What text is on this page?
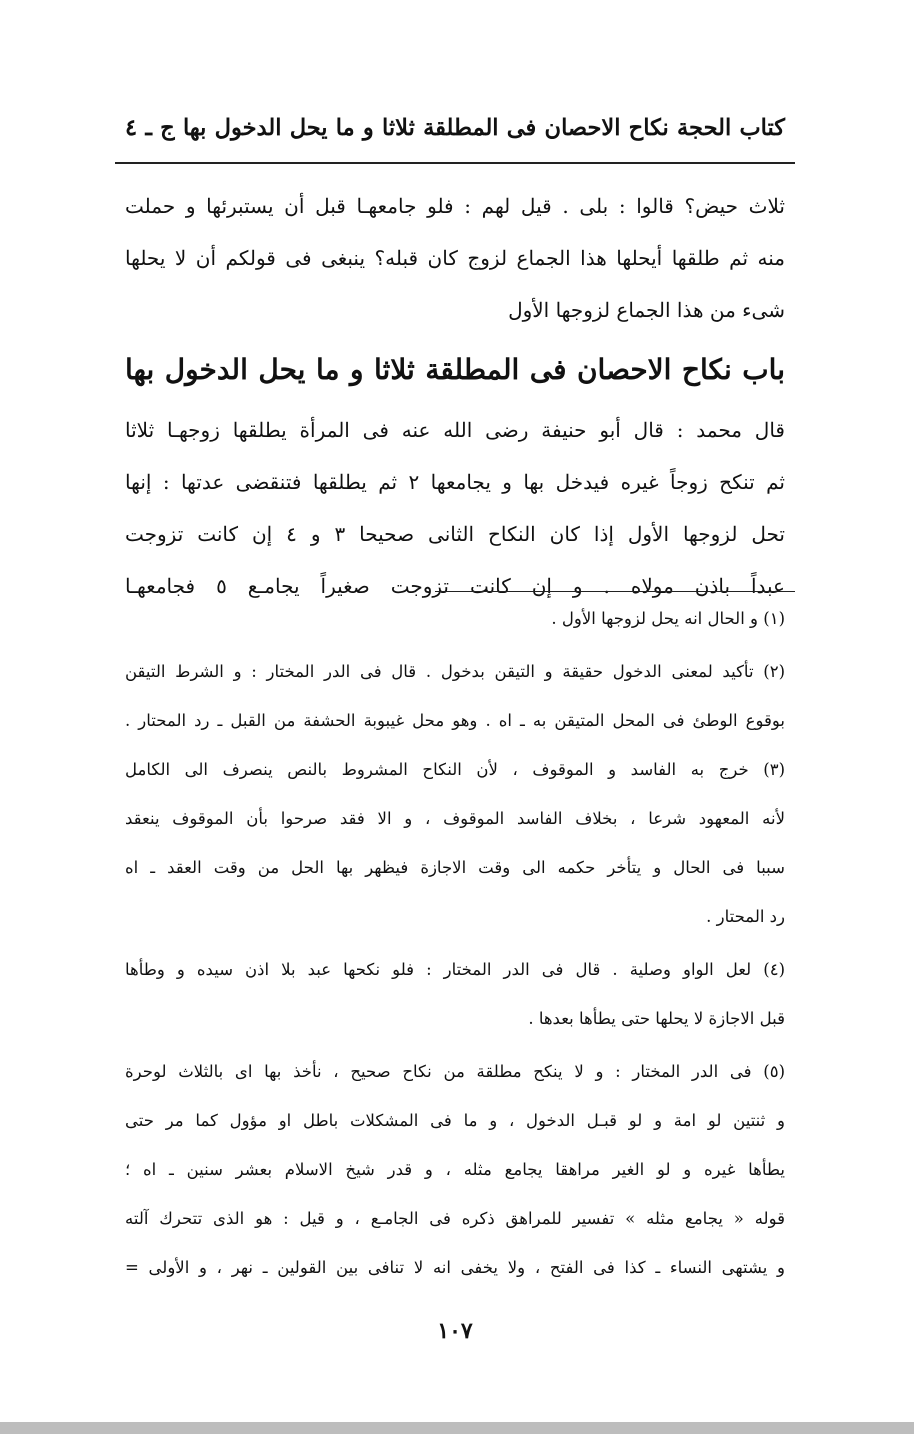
كتاب الحجة نكاح الاحصان فى المطلقة ثلاثا و ما يحل الدخول بها ج ـ ٤
ثلاث حيض؟ قالوا : بلى . قيل لهم : فلو جامعهـا قبل أن يستبرئها و حملت
منه ثم طلقها أيحلها هذا الجماع لزوج كان قبله؟ ينبغى فى قولكم أن لا يحلها
شىء من هذا الجماع لزوجها الأول
باب نكاح الاحصان فى المطلقة ثلاثا و ما يحل الدخول بها
قال محمد : قال أبو حنيفة رضى الله عنه فى المرأة يطلقها زوجهـا ثلاثا
ثم تنكح زوجاً غيره فيدخل بها و يجامعها ٢ ثم يطلقها فتنقضى عدتها : إنها
تحل لزوجها الأول إذا كان النكاح الثانى صحيحا ٣ و ٤ إن كانت تزوجت
عبداً باذن مولاه . و إن كانت تزوجت صغيراً يجامـع ٥ فجامعهـا
(١) و الحال انه يحل لزوجها الأول .
(٢) تأكيد لمعنى الدخول حقيقة و التيقن بدخول . قال فى الدر المختار : و الشرط التيقن
بوقوع الوطئ فى المحل المتيقن به ـ اه . وهو محل غيبوبة الحشفة من القبل ـ رد المحتار .
(٣) خرج به الفاسد و الموقوف ، لأن النكاح المشروط بالنص ينصرف الى الكامل
لأنه المعهود شرعا ، بخلاف الفاسد الموقوف ، و الا فقد صرحوا بأن الموقوف ينعقد
سببا فى الحال و يتأخر حكمه الى وقت الاجازة فيظهر بها الحل من وقت العقد ـ اه
رد المحتار .
(٤) لعل الواو وصلية . قال فى الدر المختار : فلو نكحها عبد بلا اذن سيده و وطأها
قبل الاجازة لا يحلها حتى يطأها بعدها .
(٥) فى الدر المختار : و لا ينكح مطلقة من نكاح صحيح ، نأخذ بها اى بالثلاث لوحرة
و ثنتين لو امة و لو قبـل الدخول ، و ما فى المشكلات باطل او مؤول كما مر حتى
يطأها غيره و لو الغير مراهقا يجامع مثله ، و قدر شيخ الاسلام بعشر سنين ـ اه ؛
قوله « يجامع مثله » تفسير للمراهق ذكره فى الجامـع ، و قيل : هو الذى تتحرك آلته
و يشتهى النساء ـ كذا فى الفتح ، ولا يخفى انه لا تنافى بين القولين ـ نهر ، و الأولى =
١٠٧
